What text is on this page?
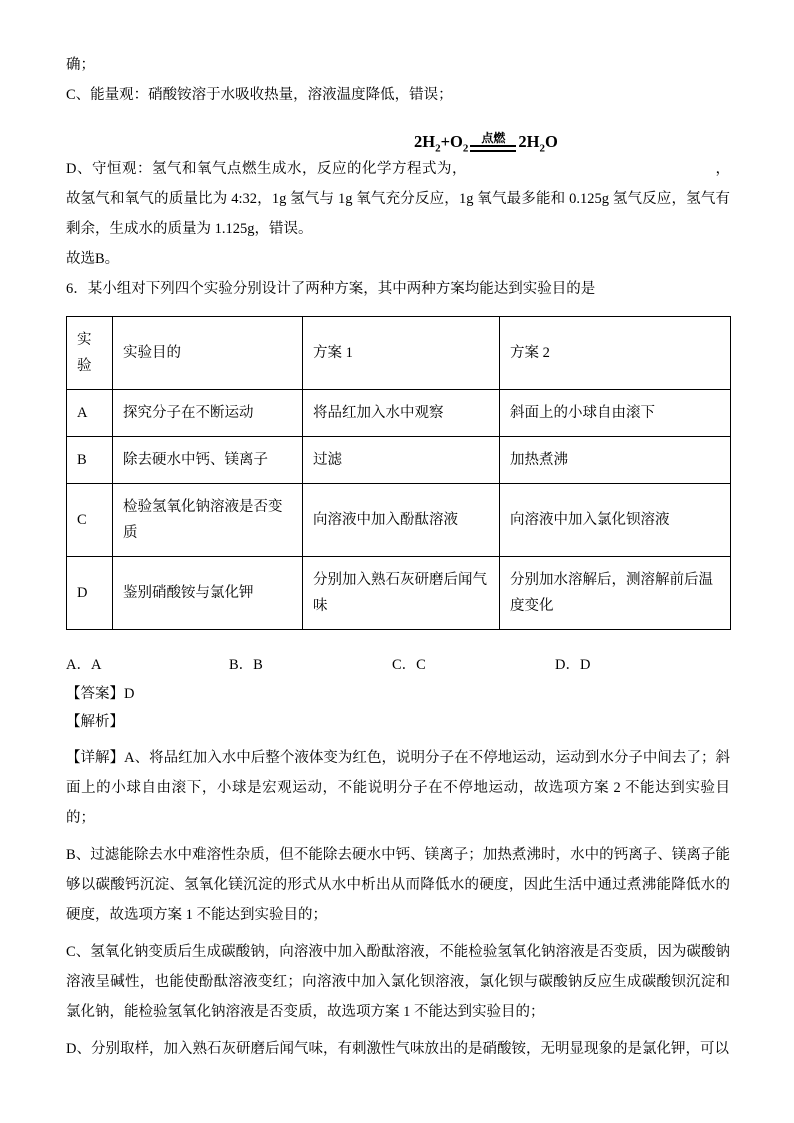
确；

C、能量观：硝酸铵溶于水吸收热量，溶液温度降低，错误；

$2H_2+O_2$
点燃 $2H_2O$

D、守恒观：氢气和氧气点燃生成水，反应的化学方程式为，	，故氢气和氧气的质量比为 4:32，1g 氢气与 1g 氧气充分反应，1g 氧气最多能和 0.125g 氢气反应，氢气有剩余，生成水的质量为 1.125g，错误。

故选B。

6．某小组对下列四个实验分别设计了两种方案，其中两种方案均能达到实验目的是

实验	实验目的	方案 1	方案 2
A	探究分子在不断运动	将品红加入水中观察	斜面上的小球自由滚下
B	除去硬水中钙、镁离子	过滤	加热煮沸
C	检验氢氧化钠溶液是否变质	向溶液中加入酚酞溶液	向溶液中加入氯化钡溶液
D	鉴别硝酸铵与氯化钾	分别加入熟石灰研磨后闻气味	分别加水溶解后，测溶解前后温度变化
A．A	B．B	C．C	D．D

【答案】D

【解析】

【详解】A、将品红加入水中后整个液体变为红色，说明分子在不停地运动，运动到水分子中间去了；斜面上的小球自由滚下，小球是宏观运动，不能说明分子在不停地运动，故选项方案 2 不能达到实验目的；

B、过滤能除去水中难溶性杂质，但不能除去硬水中钙、镁离子；加热煮沸时，水中的钙离子、镁离子能够以碳酸钙沉淀、氢氧化镁沉淀的形式从水中析出从而降低水的硬度，因此生活中通过煮沸能降低水的硬度，故选项方案 1 不能达到实验目的；

C、氢氧化钠变质后生成碳酸钠，向溶液中加入酚酞溶液，不能检验氢氧化钠溶液是否变质，因为碳酸钠溶液呈碱性，也能使酚酞溶液变红；向溶液中加入氯化钡溶液，氯化钡与碳酸钠反应生成碳酸钡沉淀和氯化钠，能检验氢氧化钠溶液是否变质，故选项方案 1 不能达到实验目的；

D、分别取样，加入熟石灰研磨后闻气味，有刺激性气味放出的是硝酸铵，无明显现象的是氯化钾，可以
